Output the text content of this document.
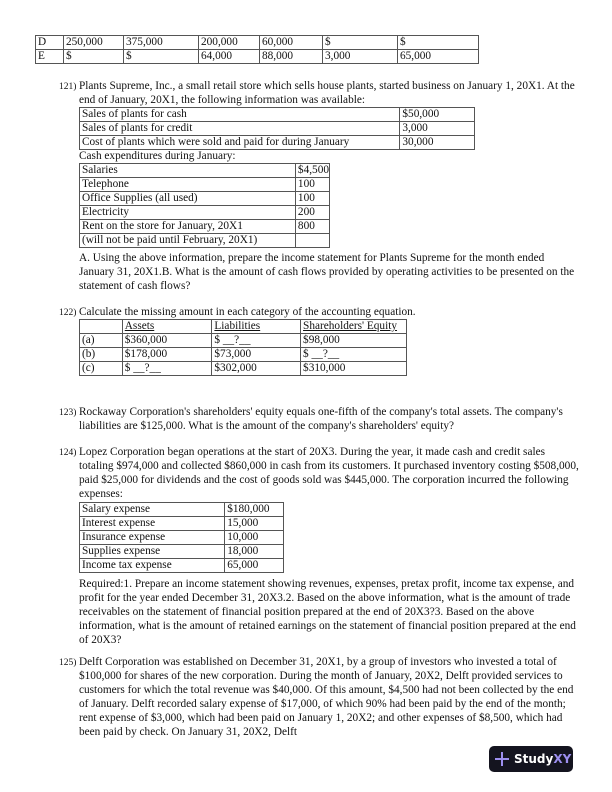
D	250,000	375,000	200,000	60,000	$	$
E	$	$	64,000	88,000	3,000	65,000
121) Plants Supreme, Inc., a small retail store which sells house plants, started business on January 1, 20X1. At the end of January, 20X1, the following information was available:

Sales of plants for cash	$50,000
Sales of plants for credit	3,000
Cost of plants which were sold and paid for during January	30,000

Cash expenditures during January:

Salaries	$4,500
Telephone	100
Office Supplies (all used)	100
Electricity	200
Rent on the store for January, 20X1	800
(will not be paid until February, 20X1)	

A. Using the above information, prepare the income statement for Plants Supreme for the month ended January 31, 20X1.B. What is the amount of cash flows provided by operating activities to be presented on the statement of cash flows?

122) Calculate the missing amount in each category of the accounting equation.

	Assets	Liabilities	Shareholders' Equity
(a)	$360,000	$ __?__	$98,000
(b)	$178,000	$73,000	$ __?__
(c)	$ __?__	$302,000	$310,000
123) Rockaway Corporation's shareholders' equity equals one-fifth of the company's total assets. The company's liabilities are $125,000. What is the amount of the company's shareholders' equity?

124) Lopez Corporation began operations at the start of 20X3. During the year, it made cash and credit sales totaling $974,000 and collected $860,000 in cash from its customers. It purchased inventory costing $508,000, paid $25,000 for dividends and the cost of goods sold was $445,000. The corporation incurred the following expenses:

Salary expense	$180,000
Interest expense	15,000
Insurance expense	10,000
Supplies expense	18,000
Income tax expense	65,000

Required:1. Prepare an income statement showing revenues, expenses, pretax profit, income tax expense, and profit for the year ended December 31, 20X3.2. Based on the above information, what is the amount of trade receivables on the statement of financial position prepared at the end of 20X3?3. Based on the above information, what is the amount of retained earnings on the statement of financial position prepared at the end of 20X3?

125) Delft Corporation was established on December 31, 20X1, by a group of investors who invested a total of $100,000 for shares of the new corporation. During the month of January, 20X2, Delft provided services to customers for which the total revenue was $40,000. Of this amount, $4,500 had not been collected by the end of January. Delft recorded salary expense of $17,000, of which 90% had been paid by the end of the month; rent expense of $3,000, which had been paid on January 1, 20X2; and other expenses of $8,500, which had been paid by check. On January 31, 20X2, Delft

StudyXY
